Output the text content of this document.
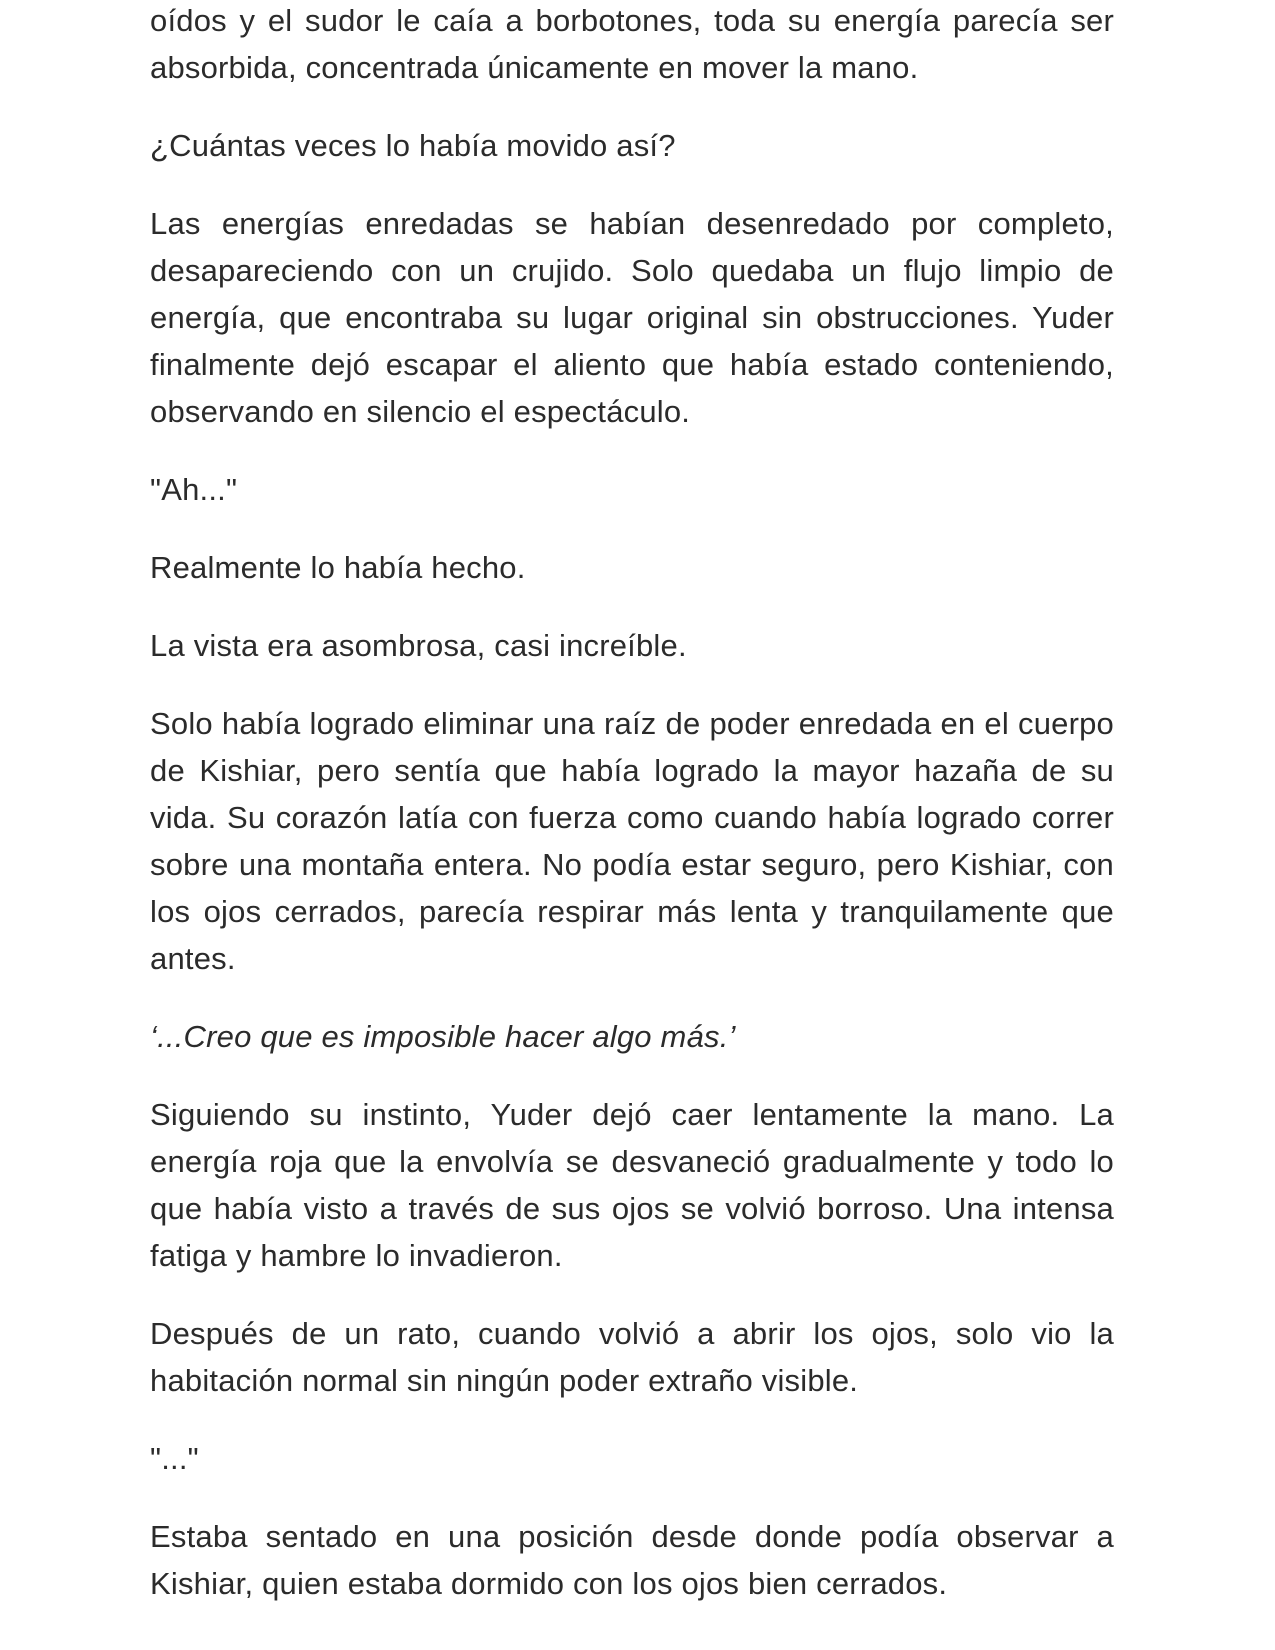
oídos y el sudor le caía a borbotones, toda su energía parecía ser absorbida, concentrada únicamente en mover la mano.

¿Cuántas veces lo había movido así?

Las energías enredadas se habían desenredado por completo, desapareciendo con un crujido. Solo quedaba un flujo limpio de energía, que encontraba su lugar original sin obstrucciones. Yuder finalmente dejó escapar el aliento que había estado conteniendo, observando en silencio el espectáculo.

"Ah..."

Realmente lo había hecho.

La vista era asombrosa, casi increíble.

Solo había logrado eliminar una raíz de poder enredada en el cuerpo de Kishiar, pero sentía que había logrado la mayor hazaña de su vida. Su corazón latía con fuerza como cuando había logrado correr sobre una montaña entera. No podía estar seguro, pero Kishiar, con los ojos cerrados, parecía respirar más lenta y tranquilamente que antes.

‘...Creo que es imposible hacer algo más.’

Siguiendo su instinto, Yuder dejó caer lentamente la mano. La energía roja que la envolvía se desvaneció gradualmente y todo lo que había visto a través de sus ojos se volvió borroso. Una intensa fatiga y hambre lo invadieron.

Después de un rato, cuando volvió a abrir los ojos, solo vio la habitación normal sin ningún poder extraño visible.

"..."

Estaba sentado en una posición desde donde podía observar a Kishiar, quien estaba dormido con los ojos bien cerrados.
